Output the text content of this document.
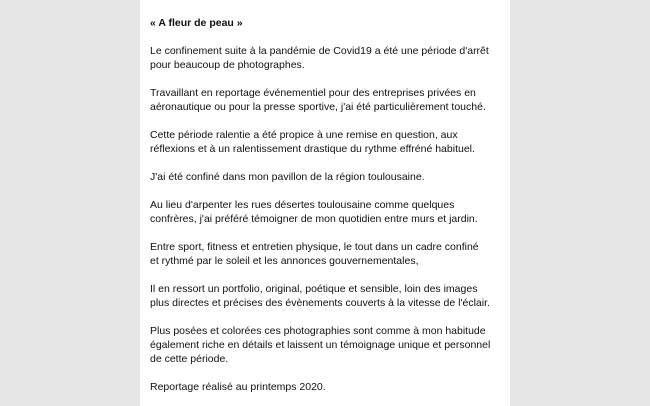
« A fleur de peau »

Le confinement suite à la pandémie de Covid19 a été une période d'arrêt
pour beaucoup de photographes.

Travaillant en reportage événementiel pour des entreprises privées en
aéronautique ou pour la presse sportive, j'ai été particulièrement touché.

Cette période ralentie a été propice à une remise en question, aux
réflexions et à un ralentissement drastique du rythme effréné habituel.

J'ai été confiné dans mon pavillon de la région toulousaine.

Au lieu d'arpenter les rues désertes toulousaine comme quelques
confrères, j'ai préféré témoigner de mon quotidien entre murs et jardin.

Entre sport, fitness et entretien physique, le tout dans un cadre confiné
et rythmé par le soleil et les annonces gouvernementales,

Il en ressort un portfolio, original, poétique et sensible, loin des images
plus directes et précises des évènements couverts à la vitesse de l'éclair.

Plus posées et colorées ces photographies sont comme à mon habitude
également riche en détails et laissent un témoignage unique et personnel
de cette période.

Reportage réalisé au printemps 2020.
